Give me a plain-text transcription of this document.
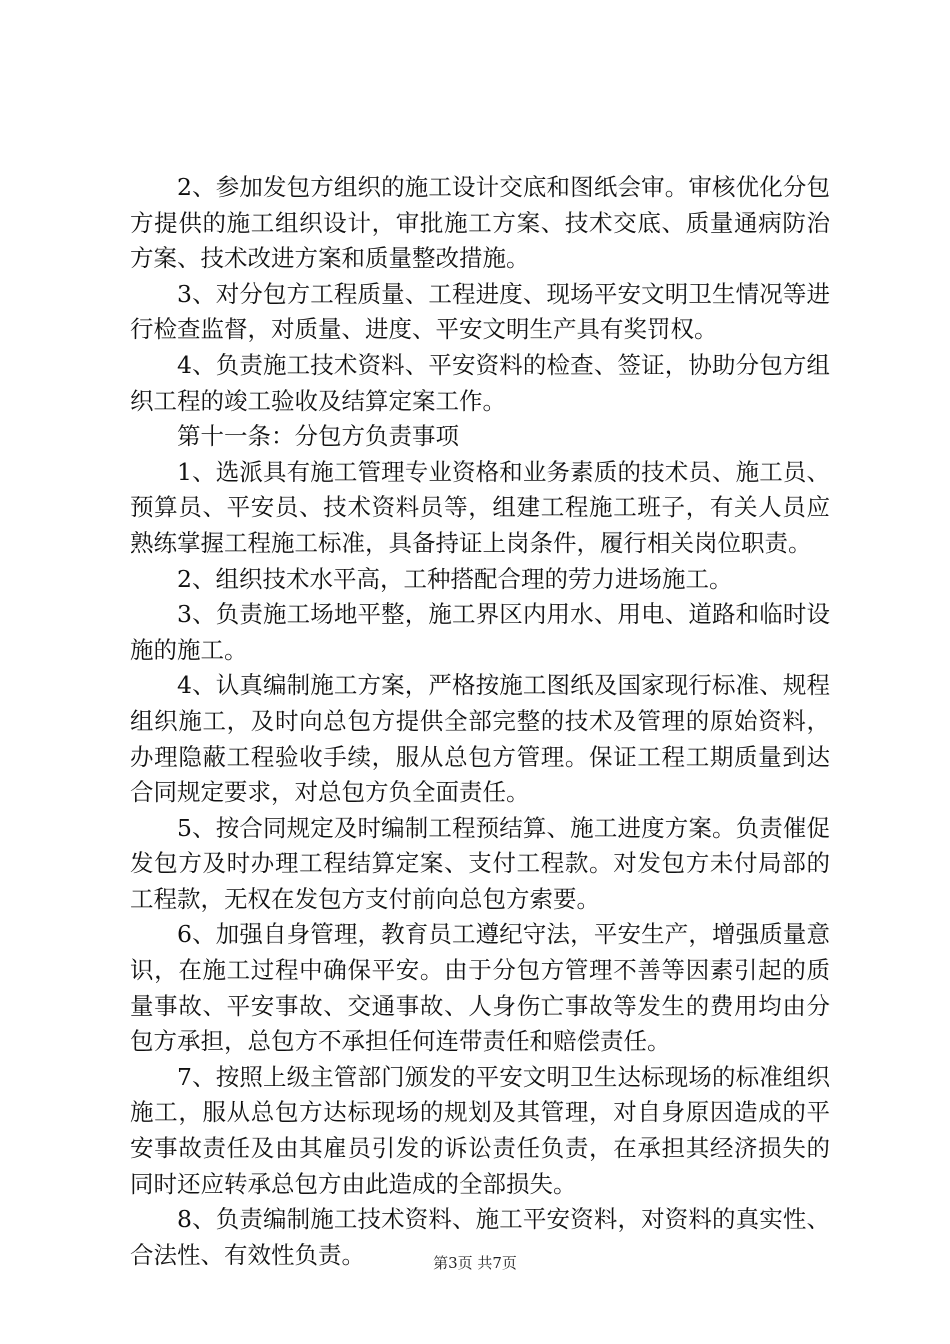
2、参加发包方组织的施工设计交底和图纸会审。审核优化分包方提供的施工组织设计，审批施工方案、技术交底、质量通病防治方案、技术改进方案和质量整改措施。

3、对分包方工程质量、工程进度、现场平安文明卫生情况等进行检查监督，对质量、进度、平安文明生产具有奖罚权。

4、负责施工技术资料、平安资料的检查、签证，协助分包方组织工程的竣工验收及结算定案工作。

第十一条：分包方负责事项

1、选派具有施工管理专业资格和业务素质的技术员、施工员、预算员、平安员、技术资料员等，组建工程施工班子，有关人员应熟练掌握工程施工标准，具备持证上岗条件，履行相关岗位职责。

2、组织技术水平高，工种搭配合理的劳力进场施工。

3、负责施工场地平整，施工界区内用水、用电、道路和临时设施的施工。

4、认真编制施工方案，严格按施工图纸及国家现行标准、规程组织施工，及时向总包方提供全部完整的技术及管理的原始资料，办理隐蔽工程验收手续，服从总包方管理。保证工程工期质量到达合同规定要求，对总包方负全面责任。

5、按合同规定及时编制工程预结算、施工进度方案。负责催促发包方及时办理工程结算定案、支付工程款。对发包方未付局部的工程款，无权在发包方支付前向总包方索要。

6、加强自身管理，教育员工遵纪守法，平安生产，增强质量意识，在施工过程中确保平安。由于分包方管理不善等因素引起的质量事故、平安事故、交通事故、人身伤亡事故等发生的费用均由分包方承担，总包方不承担任何连带责任和赔偿责任。

7、按照上级主管部门颁发的平安文明卫生达标现场的标准组织施工，服从总包方达标现场的规划及其管理，对自身原因造成的平安事故责任及由其雇员引发的诉讼责任负责，在承担其经济损失的同时还应转承总包方由此造成的全部损失。

8、负责编制施工技术资料、施工平安资料，对资料的真实性、合法性、有效性负责。	第3页 共7页
